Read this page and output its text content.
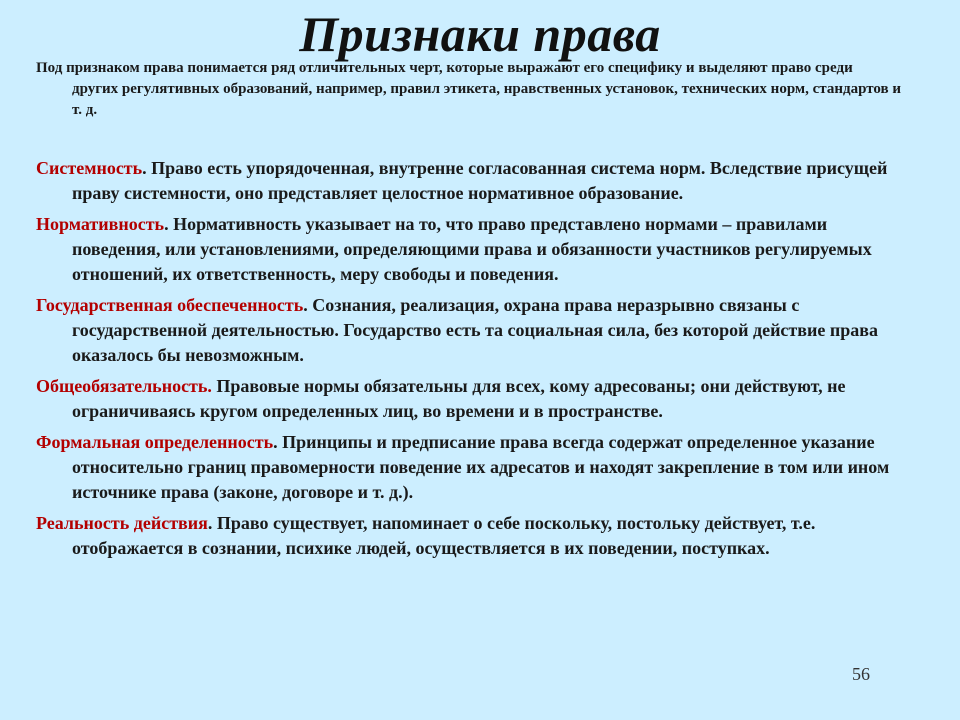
Признаки права

Под признаком права понимается ряд отличительных черт, которые выражают его специфику и выделяют право среди других регулятивных образований, например, правил этикета, нравственных установок, технических норм, стандартов и т. д.

Системность. Право есть упорядоченная, внутренне согласованная система норм. Вследствие присущей праву системности, оно представляет целостное нормативное образование.
Нормативность. Нормативность указывает на то, что право представлено нормами – правилами поведения, или установлениями, определяющими права и обязанности участников регулируемых отношений, их ответственность, меру свободы и поведения.
Государственная обеспеченность. Сознания, реализация, охрана права неразрывно связаны с государственной деятельностью. Государство есть та социальная сила, без которой действие права оказалось бы невозможным.
Общеобязательность. Правовые нормы обязательны для всех, кому адресованы; они действуют, не ограничиваясь кругом определенных лиц, во времени и в пространстве.
Формальная определенность. Принципы и предписание права всегда содержат определенное указание относительно границ правомерности поведение их адресатов и находят закрепление в том или ином источнике права (законе, договоре и т. д.).
Реальность действия. Право существует, напоминает о себе поскольку, постольку действует, т.е. отображается в сознании, психике людей, осуществляется в их поведении, поступках.
56
